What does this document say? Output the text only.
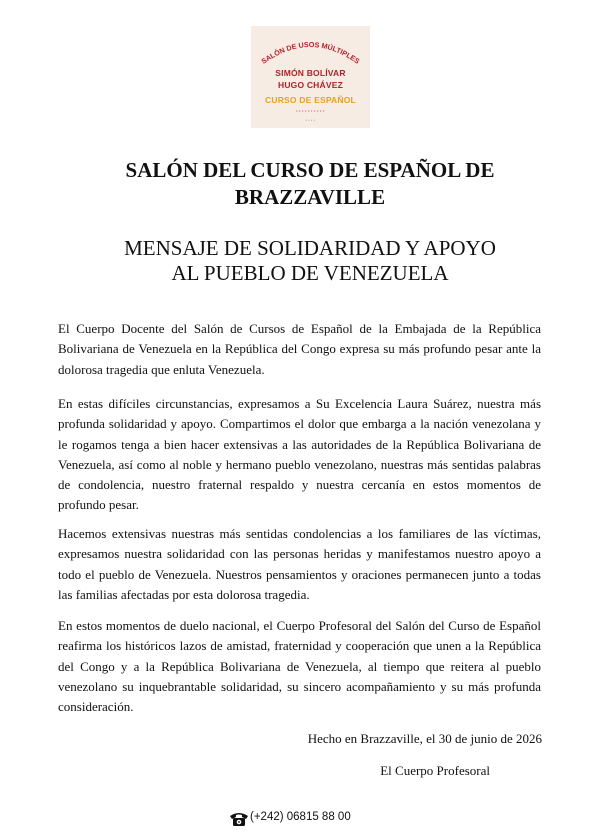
SALÓN DE USOS MÚLTIPLES
SIMÓN BOLÍVAR
HUGO CHÁVEZ
CURSO DE ESPAÑOL
• • • • • • • • • •
• • • •
SALÓN DEL CURSO DE ESPAÑOL DE
BRAZZAVILLE
MENSAJE DE SOLIDARIDAD Y APOYO
AL PUEBLO DE VENEZUELA

El Cuerpo Docente del Salón de Cursos de Español de la Embajada de la República Bolivariana de Venezuela en la República del Congo expresa su más profundo pesar ante la dolorosa tragedia que enluta Venezuela.

En estas difíciles circunstancias, expresamos a Su Excelencia Laura Suárez, nuestra más profunda solidaridad y apoyo. Compartimos el dolor que embarga a la nación venezolana y le rogamos tenga a bien hacer extensivas a las autoridades de la República Bolivariana de Venezuela, así como al noble y hermano pueblo venezolano, nuestras más sentidas palabras de condolencia, nuestro fraternal respaldo y nuestra cercanía en estos momentos de profundo pesar.

Hacemos extensivas nuestras más sentidas condolencias a los familiares de las víctimas, expresamos nuestra solidaridad con las personas heridas y manifestamos nuestro apoyo a todo el pueblo de Venezuela. Nuestros pensamientos y oraciones permanecen junto a todas las familias afectadas por esta dolorosa tragedia.

En estos momentos de duelo nacional, el Cuerpo Profesoral del Salón del Curso de Español reafirma los históricos lazos de amistad, fraternidad y cooperación que unen a la República del Congo y a la República Bolivariana de Venezuela, al tiempo que reitera al pueblo venezolano su inquebrantable solidaridad, su sincero acompañamiento y su más profunda consideración.

Hecho en Brazzaville, el 30 de junio de 2026
El Cuerpo Profesoral
(+242) 06815 88 00
